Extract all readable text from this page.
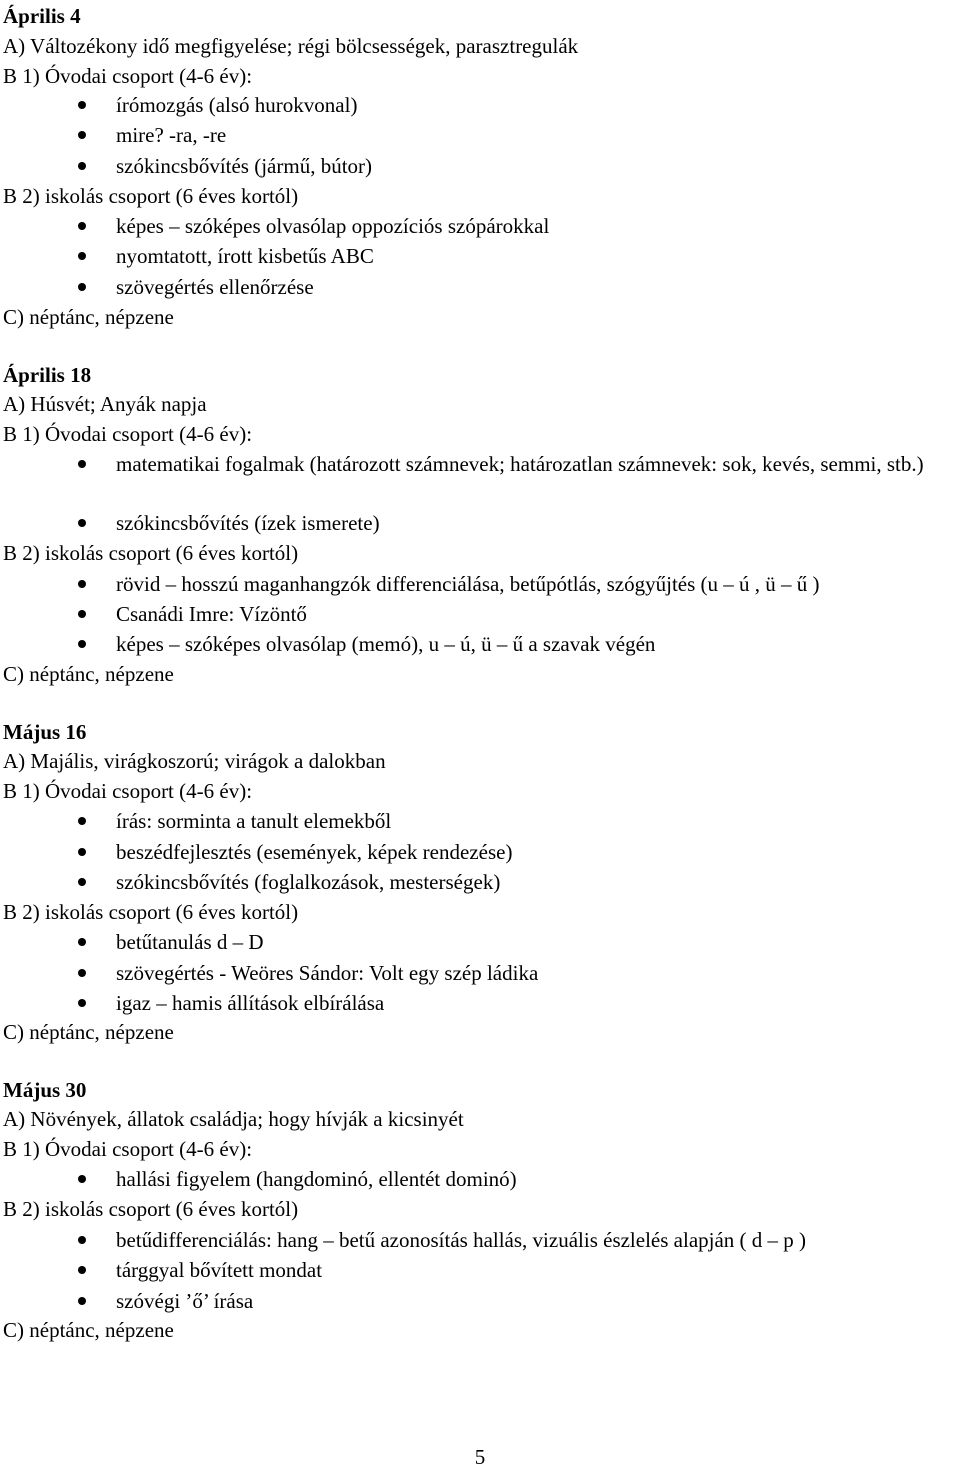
Április 4
A) Változékony idő megfigyelése; régi bölcsességek, parasztregulák
B 1) Óvodai csoport (4-6 év):
írómozgás (alsó hurokvonal)
mire? -ra, -re
szókincsbővítés (jármű, bútor)
B 2) iskolás csoport (6 éves kortól)
képes – szóképes olvasólap oppozíciós szópárokkal
nyomtatott, írott kisbetűs ABC
szövegértés ellenőrzése
C) néptánc, népzene
Április 18
A) Húsvét; Anyák napja
B 1) Óvodai csoport (4-6 év):
matematikai fogalmak (határozott számnevek; határozatlan számnevek: sok, kevés, semmi, stb.)
szókincsbővítés (ízek ismerete)
B 2) iskolás csoport (6 éves kortól)
rövid – hosszú maganhangzók differenciálása, betűpótlás, szógyűjtés (u – ú , ü – ű )
Csanádi Imre: Vízöntő
képes – szóképes olvasólap (memó), u – ú, ü – ű a szavak végén
C) néptánc, népzene
Május 16
A) Majális, virágkoszorú; virágok a dalokban
B 1) Óvodai csoport (4-6 év):
írás: sorminta a tanult elemekből
beszédfejlesztés (események, képek rendezése)
szókincsbővítés (foglalkozások, mesterségek)
B 2) iskolás csoport (6 éves kortól)
betűtanulás d – D
szövegértés - Weöres Sándor: Volt egy szép ládika
igaz – hamis állítások elbírálása
C) néptánc, népzene
Május 30
A) Növények, állatok családja; hogy hívják a kicsinyét
B 1) Óvodai csoport (4-6 év):
hallási figyelem (hangdominó, ellentét dominó)
B 2) iskolás csoport (6 éves kortól)
betűdifferenciálás: hang – betű azonosítás hallás, vizuális észlelés alapján ( d – p )
tárggyal bővített mondat
szóvégi ’ő’ írása
C) néptánc, népzene
5
